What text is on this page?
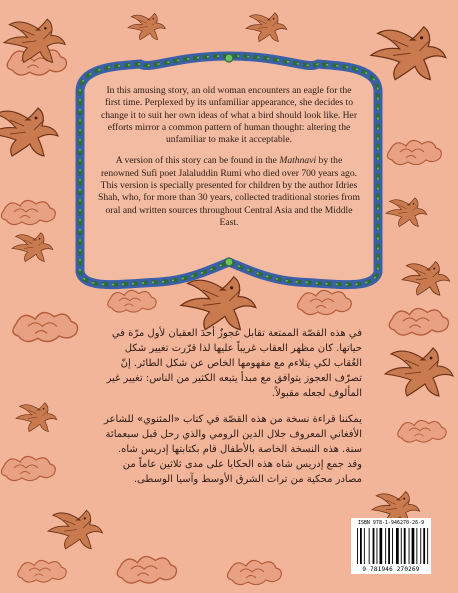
In this amusing story, an old woman encounters an eagle for the first time. Perplexed by its unfamiliar appearance, she decides to change it to suit her own ideas of what a bird should look like. Her efforts mirror a common pattern of human thought: altering the unfamiliar to make it acceptable.

A version of this story can be found in the Mathnavi by the renowned Sufi poet Jalaluddin Rumi who died over 700 years ago. This version is specially presented for children by the author Idries Shah, who, for more than 30 years, collected traditional stories from oral and written sources throughout Central Asia and the Middle East.

في هذه القصّة الممتعة تقابل عجوزٌ أحدَ العقبان لأول مرّة في حياتها. كان مظهر العقاب غريباً عليها لذا قرّرت تغيير شكل العُقاب لكي يتلاءم مع مفهومها الخاص عن شكل الطائر. إنّ تصرّف العجوز يتوافق مع مبدأ يتبعه الكثير من الناس: تغيير غير المألوف لجعله مقبولاً.
يمكننا قراءة نسخة من هذه القصّة في كتاب «المثنوي» للشاعر الأفغاني المعروف جلال الدين الرومي والذي رحل قبل سبعمائة سنة. هذه النسخة الخاصة بالأطفال قام بكتابتها إدريس شاه. وقد جمع إدريس شاه هذه الحكايا على مدى ثلاثين عاماً من مصادر محكية من تراث الشرق الأوسط وآسيا الوسطى.
ISBN 978-1-946270-26-9
9 781946 270269
